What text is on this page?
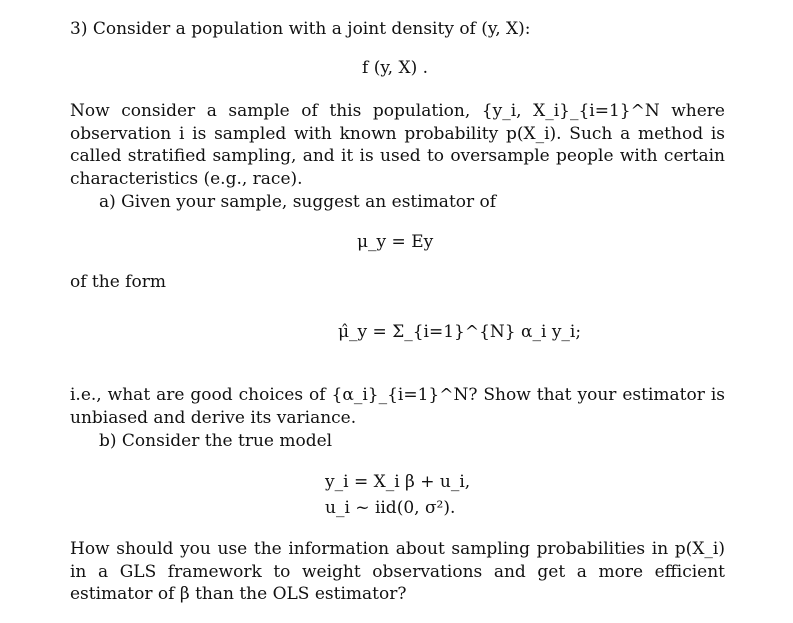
3) Consider a population with a joint density of (y, X):
f (y, X) .
Now consider a sample of this population, {y_i, X_i}_{i=1}^N where observation i is sampled with known probability p(X_i). Such a method is called stratified sampling, and it is used to oversample people with certain characteristics (e.g., race).
a) Given your sample, suggest an estimator of
μ_y = Ey
of the form
μ̂_y = Σ_{i=1}^{N} α_i y_i;
i.e., what are good choices of {α_i}_{i=1}^N? Show that your estimator is unbiased and derive its variance.
b) Consider the true model
y_i = X_i β + u_i,
u_i ~ iid(0, σ²).
How should you use the information about sampling probabilities in p(X_i) in a GLS framework to weight observations and get a more efficient estimator of β than the OLS estimator?
